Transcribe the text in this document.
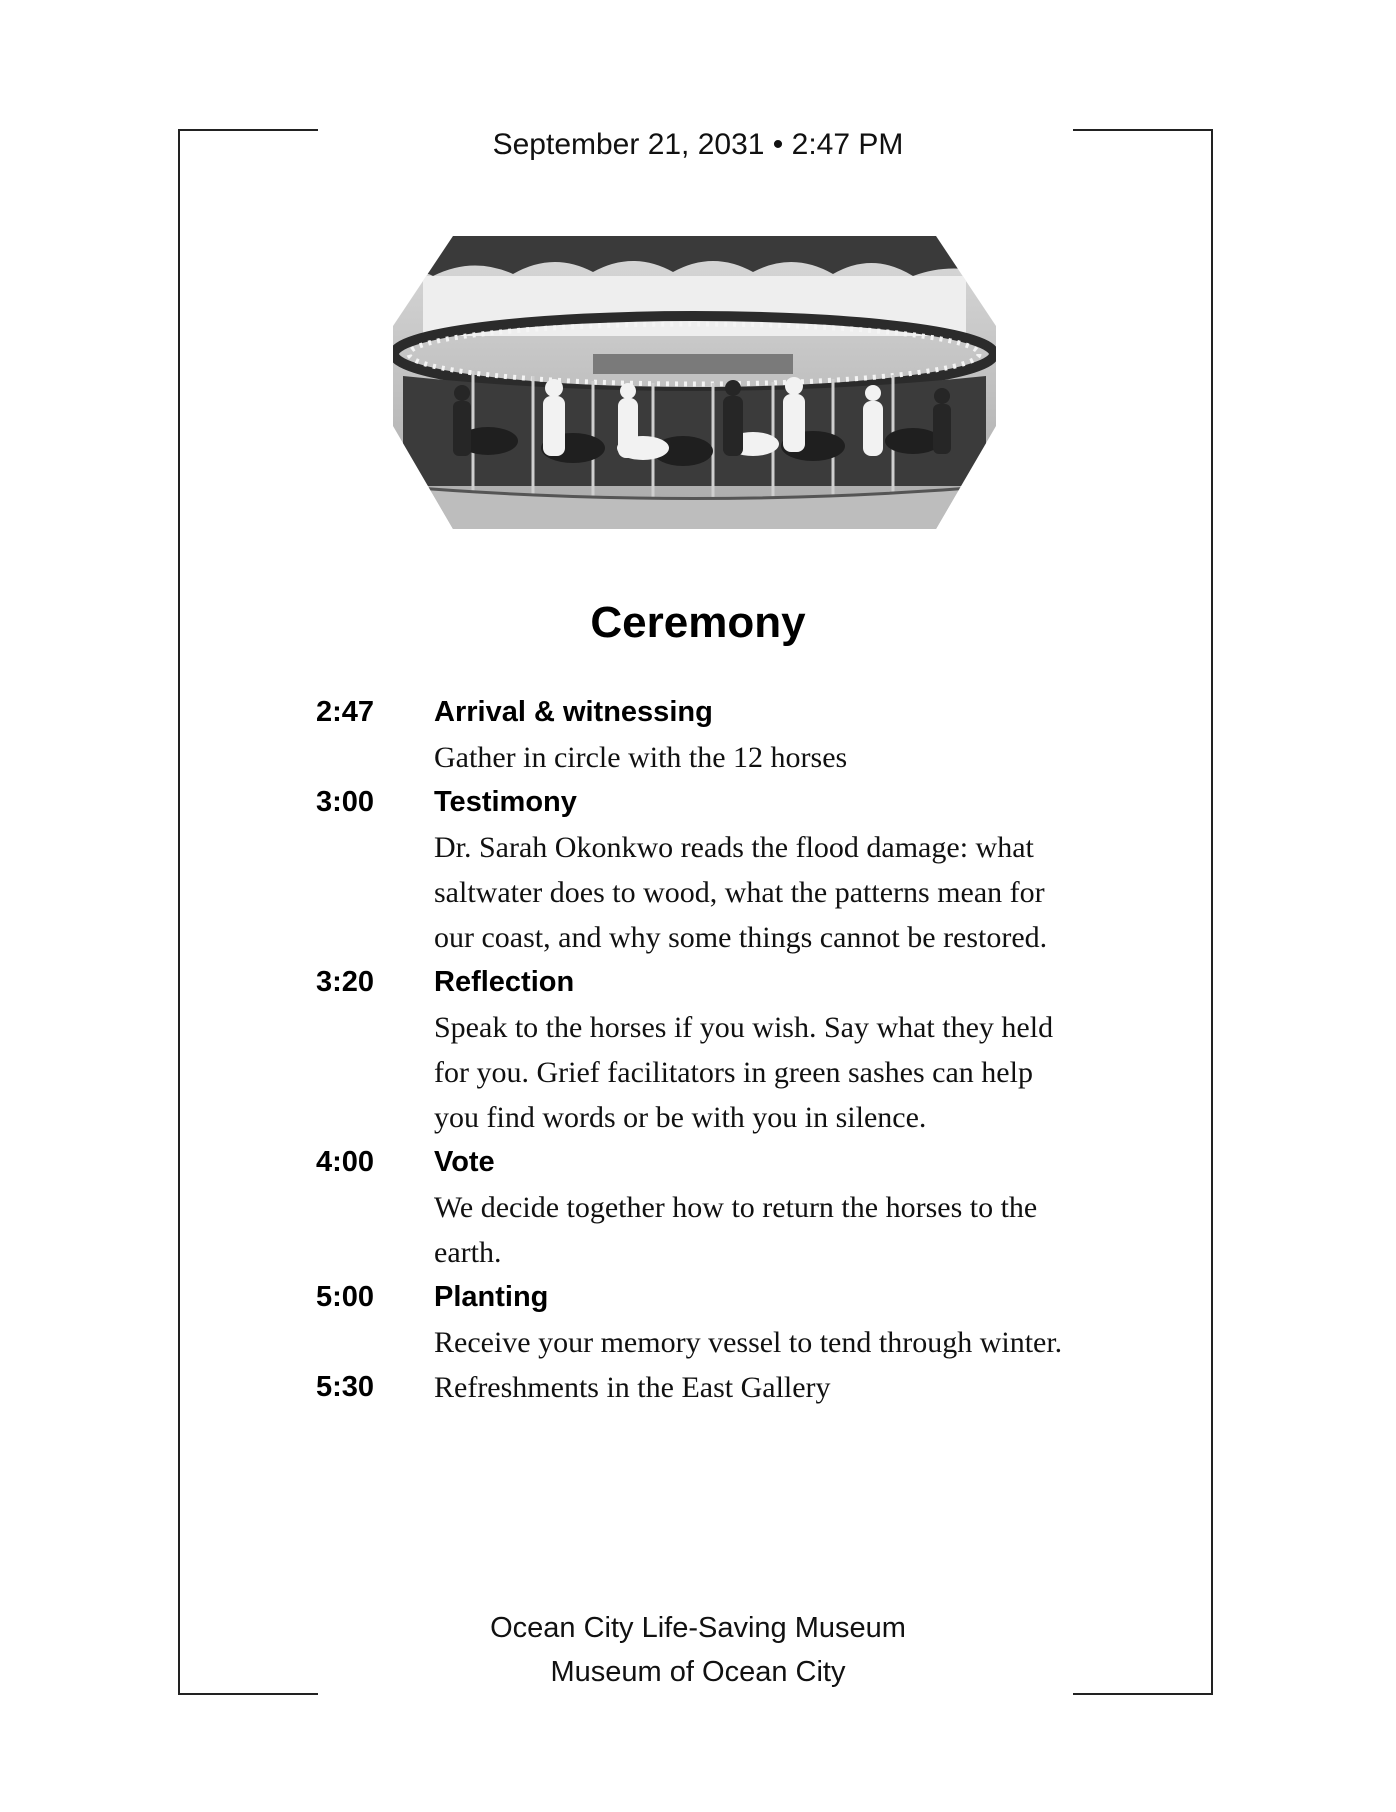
September 21, 2031 • 2:47 PM
Ceremony
2:47 Arrival & witnessing
Gather in circle with the 12 horses
3:00 Testimony
Dr. Sarah Okonkwo reads the flood damage: what saltwater does to wood, what the patterns mean for our coast, and why some things cannot be restored.
3:20 Reflection
Speak to the horses if you wish. Say what they held for you. Grief facilitators in green sashes can help you find words or be with you in silence.
4:00 Vote
We decide together how to return the horses to the earth.
5:00 Planting
Receive your memory vessel to tend through winter.
5:30 Refreshments in the East Gallery
Ocean City Life-Saving Museum
Museum of Ocean City
